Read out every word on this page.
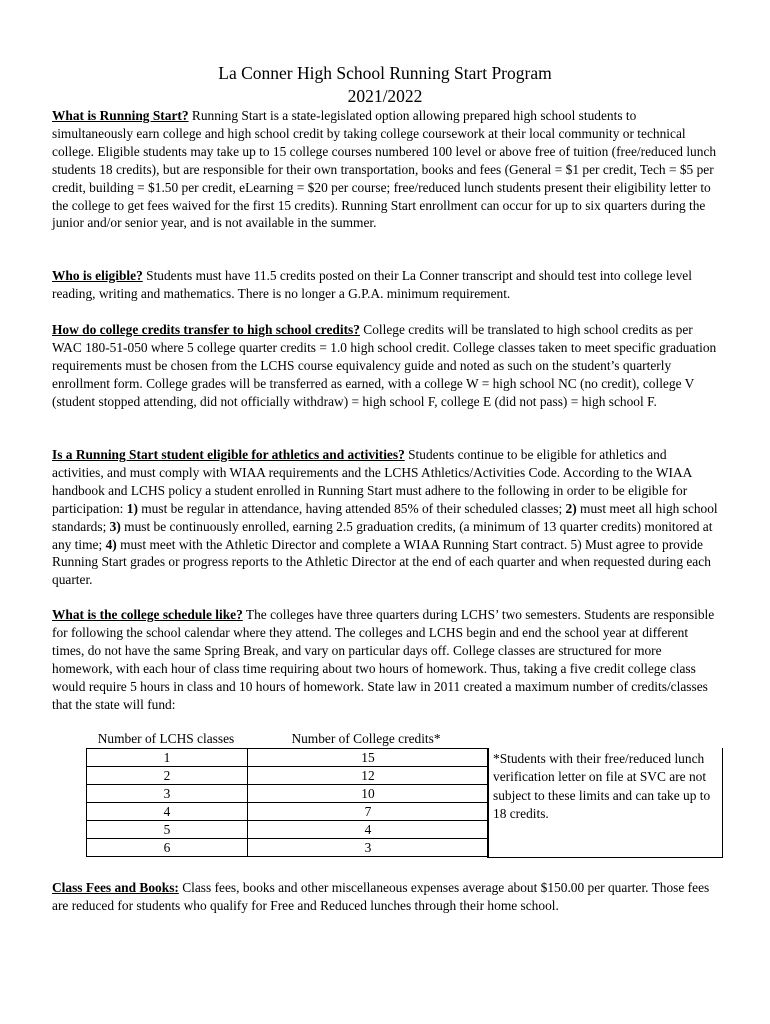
La Conner High School Running Start Program
2021/2022
What is Running Start? Running Start is a state-legislated option allowing prepared high school students to simultaneously earn college and high school credit by taking college coursework at their local community or technical college. Eligible students may take up to 15 college courses numbered 100 level or above free of tuition (free/reduced lunch students 18 credits), but are responsible for their own transportation, books and fees (General = $1 per credit, Tech = $5 per credit, building = $1.50 per credit, eLearning = $20 per course; free/reduced lunch students present their eligibility letter to the college to get fees waived for the first 15 credits). Running Start enrollment can occur for up to six quarters during the junior and/or senior year, and is not available in the summer.
Who is eligible? Students must have 11.5 credits posted on their La Conner transcript and should test into college level reading, writing and mathematics. There is no longer a G.P.A. minimum requirement.
How do college credits transfer to high school credits? College credits will be translated to high school credits as per WAC 180-51-050 where 5 college quarter credits = 1.0 high school credit. College classes taken to meet specific graduation requirements must be chosen from the LCHS course equivalency guide and noted as such on the student’s quarterly enrollment form. College grades will be transferred as earned, with a college W = high school NC (no credit), college V (student stopped attending, did not officially withdraw) = high school F, college E (did not pass) = high school F.
Is a Running Start student eligible for athletics and activities? Students continue to be eligible for athletics and activities, and must comply with WIAA requirements and the LCHS Athletics/Activities Code. According to the WIAA handbook and LCHS policy a student enrolled in Running Start must adhere to the following in order to be eligible for participation: 1) must be regular in attendance, having attended 85% of their scheduled classes; 2) must meet all high school standards; 3) must be continuously enrolled, earning 2.5 graduation credits, (a minimum of 13 quarter credits) monitored at any time; 4) must meet with the Athletic Director and complete a WIAA Running Start contract. 5) Must agree to provide Running Start grades or progress reports to the Athletic Director at the end of each quarter and when requested during each quarter.
What is the college schedule like? The colleges have three quarters during LCHS’ two semesters. Students are responsible for following the school calendar where they attend. The colleges and LCHS begin and end the school year at different times, do not have the same Spring Break, and vary on particular days off. College classes are structured for more homework, with each hour of class time requiring about two hours of homework. Thus, taking a five credit college class would require 5 hours in class and 10 hours of homework. State law in 2011 created a maximum number of credits/classes that the state will fund:
Number of LCHS classes	Number of College credits*
1	15
2	12
3	10
4	7
5	4
6	3
*Students with their free/reduced lunch verification letter on file at SVC are not subject to these limits and can take up to 18 credits.
Class Fees and Books: Class fees, books and other miscellaneous expenses average about $150.00 per quarter. Those fees are reduced for students who qualify for Free and Reduced lunches through their home school.
